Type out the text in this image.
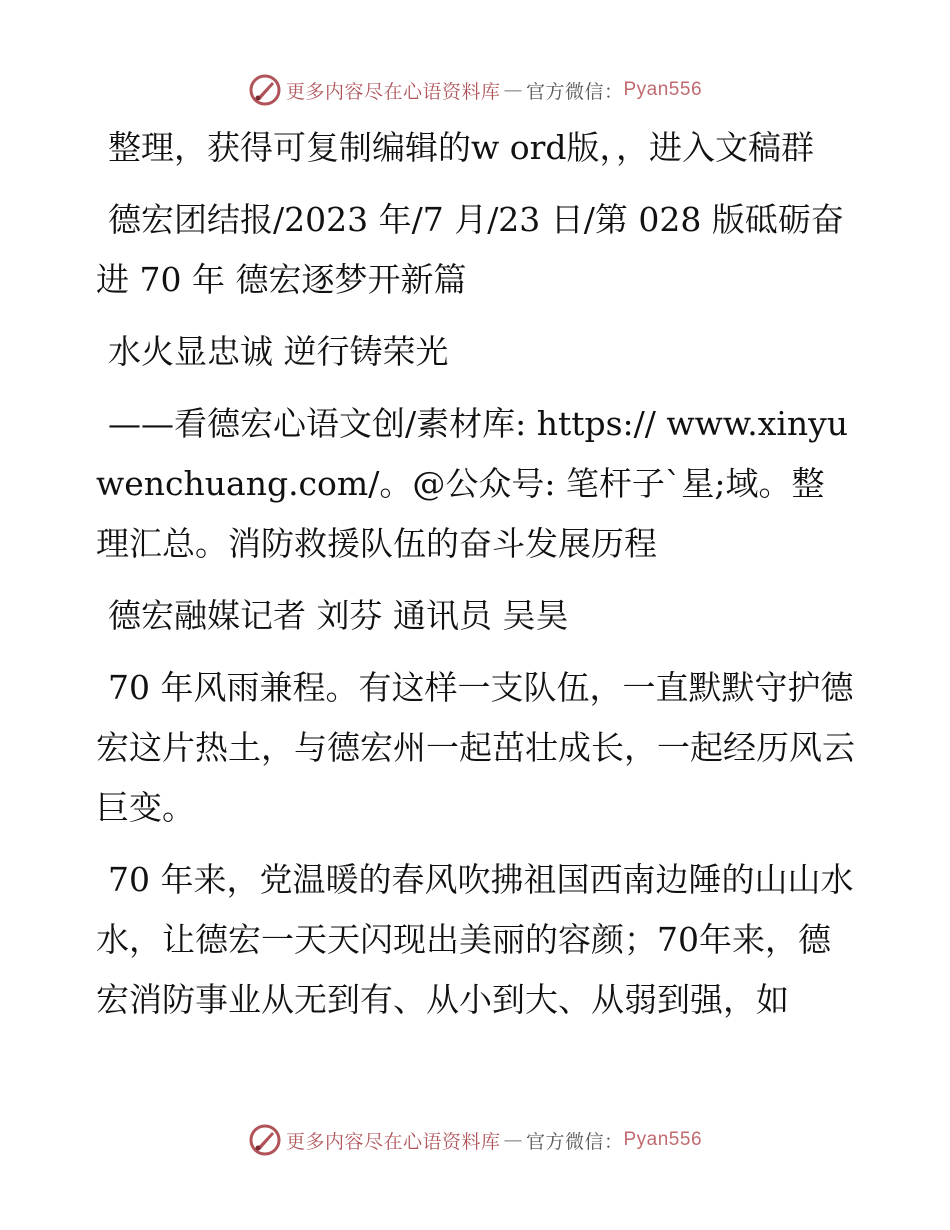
更多内容尽在心语资料库 — 官方微信： Pyan556

整理，获得可复制编辑的w ord版，，进入文稿群

德宏团结报/2023 年/7 月/23 日/第 028 版砥砺奋进 70 年 德宏逐梦开新篇

水火显忠诚 逆行铸荣光

——看德宏心语文创/素材库: https:// www.xinyuwenchuang.com/。@公众号: 笔杆子`星;域。整理汇总。消防救援队伍的奋斗发展历程

德宏融媒记者 刘芬 通讯员 吴昊

70 年风雨兼程。有这样一支队伍，一直默默守护德宏这片热土，与德宏州一起茁壮成长，一起经历风云巨变。

70 年来，党温暖的春风吹拂祖国西南边陲的山山水水，让德宏一天天闪现出美丽的容颜；70年来，德宏消防事业从无到有、从小到大、从弱到强，如

更多内容尽在心语资料库 — 官方微信： Pyan556
